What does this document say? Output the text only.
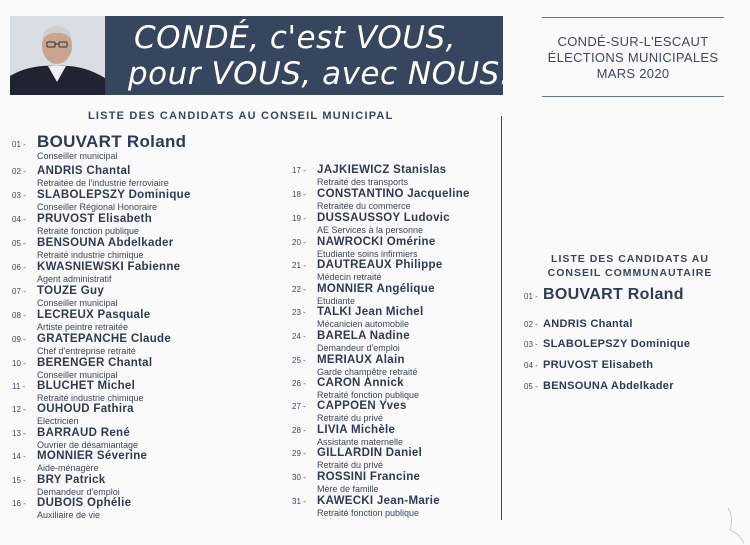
CONDÉ, c'est VOUS,
pour VOUS, avec NOUS.
CONDÉ-SUR-L'ESCAUT
ÉLECTIONS MUNICIPALES
MARS 2020
LISTE DES CANDIDATS AU CONSEIL MUNICIPAL
01 - BOUVART Roland
Conseiller municipal
02 - ANDRIS Chantal
Retraitée de l'industrie ferroviaire
03 - SLABOLEPSZY Dominique
Conseiller Régional Honoraire
04 - PRUVOST Elisabeth
Retraité fonction publique
05 - BENSOUNA Abdelkader
Retraité industrie chimique
06 - KWASNIEWSKI Fabienne
Agent administratif
07 - TOUZE Guy
Conseiller municipal
08 - LECREUX Pasquale
Artiste peintre retraitée
09 - GRATEPANCHE Claude
Chef d'entreprise retraité
10 - BERENGER Chantal
Conseiller municipal
11 - BLUCHET Michel
Retraité industrie chimique
12 - OUHOUD Fathira
Electricien
13 - BARRAUD René
Ouvrier de désamiantage
14 - MONNIER Séverine
Aide-ménagère
15 - BRY Patrick
Demandeur d'emploi
16 - DUBOIS Ophélie
Auxiliaire de vie
17 - JAJKIEWICZ Stanislas
Retraité des transports
18 - CONSTANTINO Jacqueline
Retraitée du commerce
19 - DUSSAUSSOY Ludovic
AE Services à la personne
20 - NAWROCKI Omérine
Etudiante soins infirmiers
21 - DAUTREAUX Philippe
Médecin retraité
22 - MONNIER Angélique
Etudiante
23 - TALKI Jean Michel
Mécanicien automobile
24 - BARELA Nadine
Demandeur d'emploi
25 - MERIAUX Alain
Garde champêtre retraité
26 - CARON Annick
Retraité fonction publique
27 - CAPPOEN Yves
Retraité du privé
28 - LIVIA Michèle
Assistante maternelle
29 - GILLARDIN Daniel
Retraité du privé
30 - ROSSINI Francine
Mère de famille
31 - KAWECKI Jean-Marie
Retraité fonction publique
LISTE DES CANDIDATS AU
CONSEIL COMMUNAUTAIRE
01 - BOUVART Roland
02 - ANDRIS Chantal
03 - SLABOLEPSZY Dominique
04 - PRUVOST Elisabeth
05 - BENSOUNA Abdelkader
